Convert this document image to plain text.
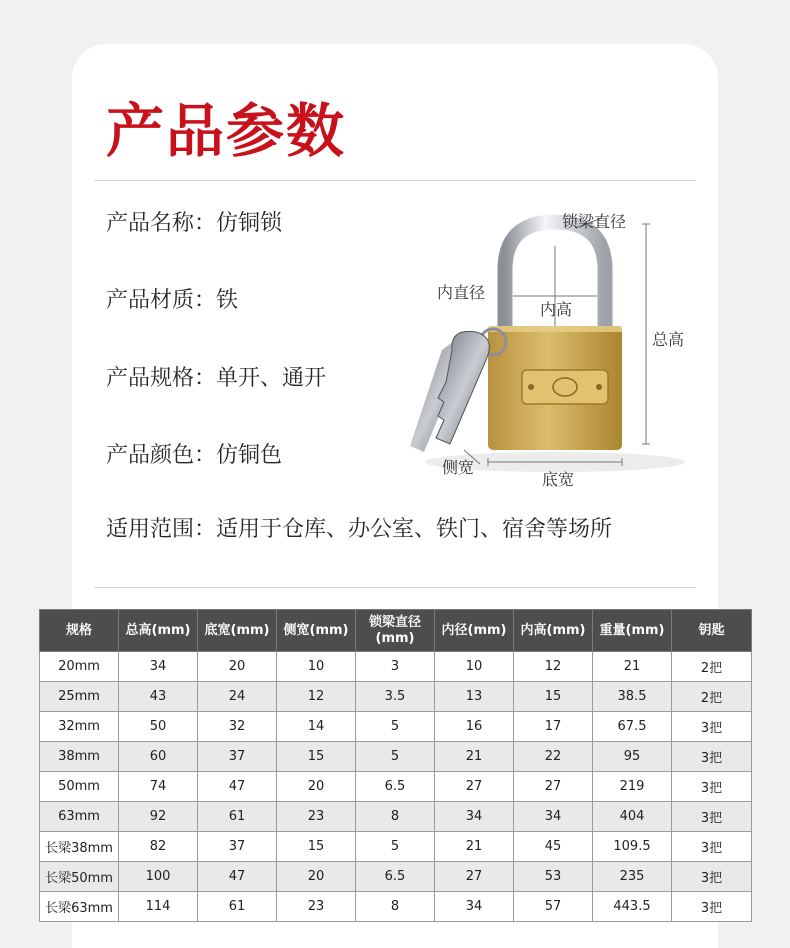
产品参数
产品名称：仿铜锁
产品材质：铁
产品规格：单开、通开
产品颜色：仿铜色
适用范围：适用于仓库、办公室、铁门、宿舍等场所
锁梁直径
内直径
内高
总高
侧宽
底宽
规格	总高(mm)	底宽(mm)	侧宽(mm)	锁梁直径(mm)	内径(mm)	内高(mm)	重量(mm)	钥匙
20mm	34	20	10	3	10	12	21	2把
25mm	43	24	12	3.5	13	15	38.5	2把
32mm	50	32	14	5	16	17	67.5	3把
38mm	60	37	15	5	21	22	95	3把
50mm	74	47	20	6.5	27	27	219	3把
63mm	92	61	23	8	34	34	404	3把
长梁38mm	82	37	15	5	21	45	109.5	3把
长梁50mm	100	47	20	6.5	27	53	235	3把
长梁63mm	114	61	23	8	34	57	443.5	3把
